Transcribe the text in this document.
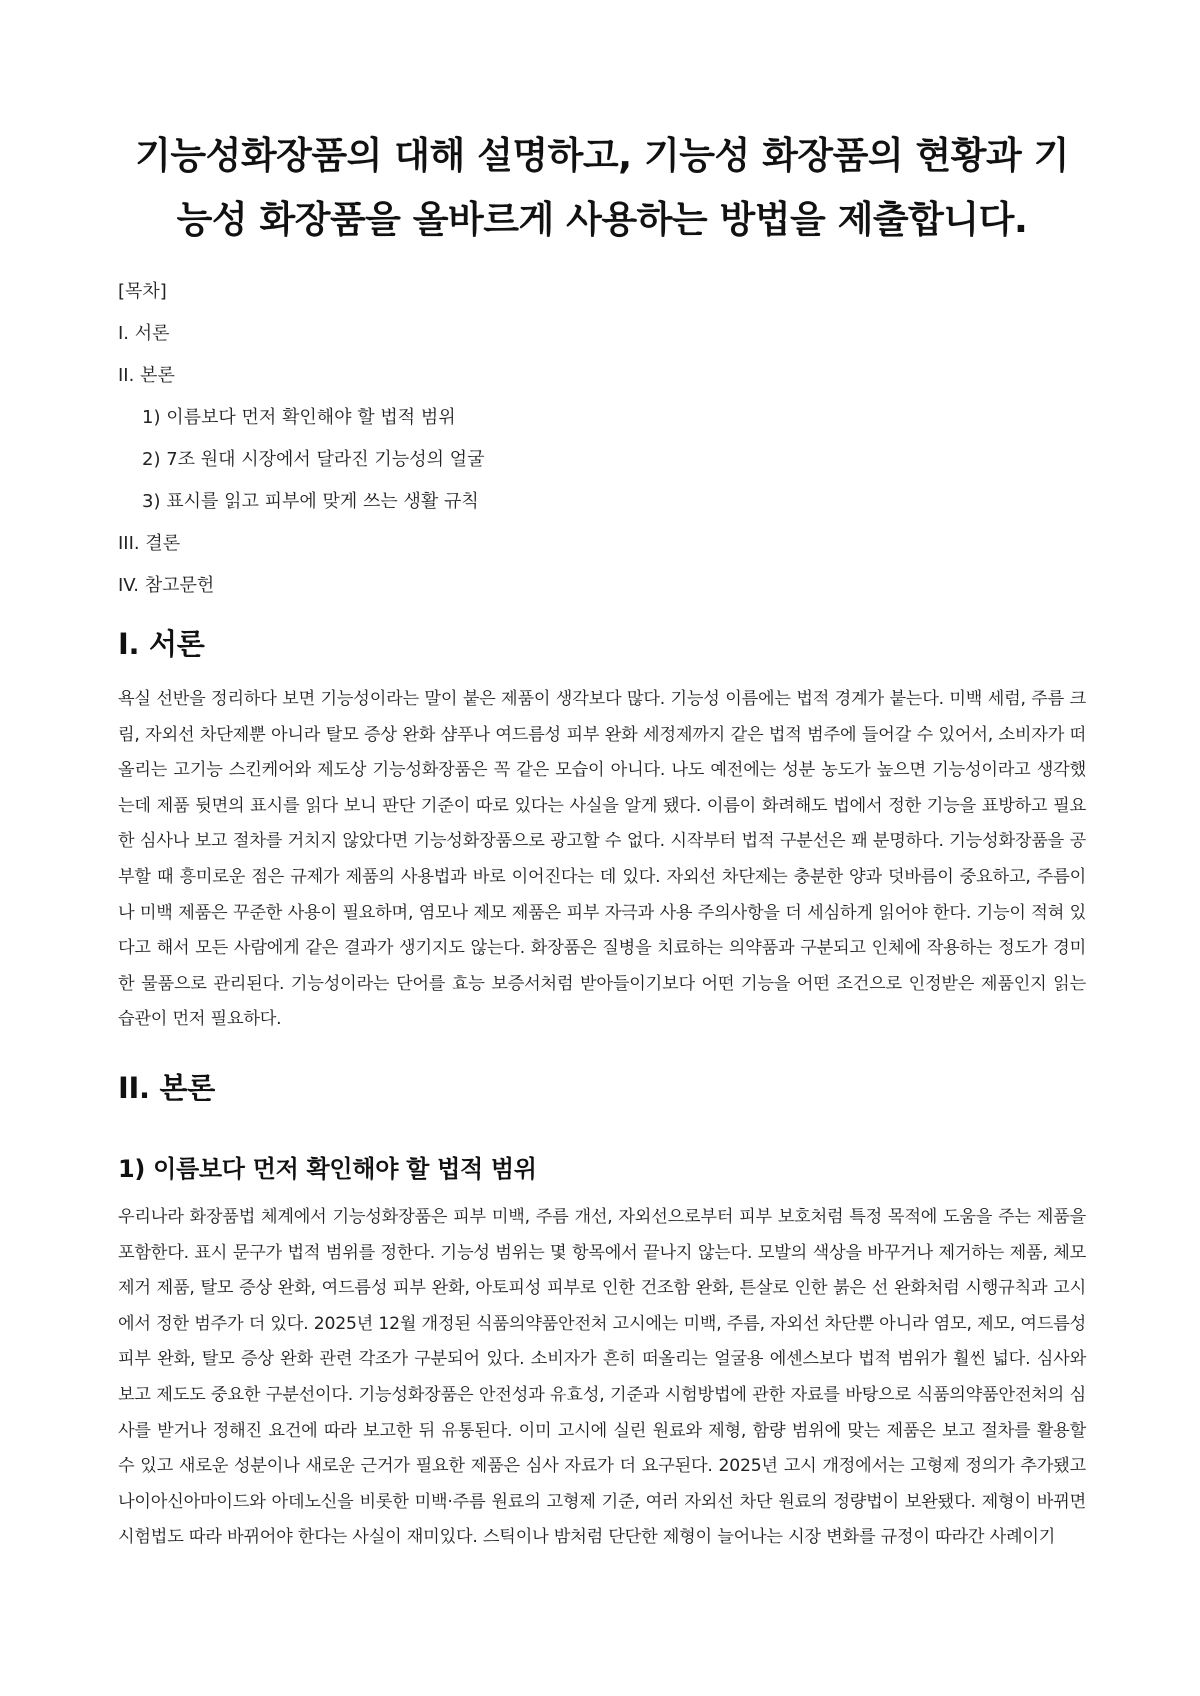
기능성화장품의 대해 설명하고, 기능성 화장품의 현황과 기능성 화장품을 올바르게 사용하는 방법을 제출합니다.
[목차]
I. 서론
II. 본론
1) 이름보다 먼저 확인해야 할 법적 범위
2) 7조 원대 시장에서 달라진 기능성의 얼굴
3) 표시를 읽고 피부에 맞게 쓰는 생활 규칙
III. 결론
IV. 참고문헌
I. 서론

욕실 선반을 정리하다 보면 기능성이라는 말이 붙은 제품이 생각보다 많다. 기능성 이름에는 법적 경계가 붙는다. 미백 세럼, 주름 크림, 자외선 차단제뿐 아니라 탈모 증상 완화 샴푸나 여드름성 피부 완화 세정제까지 같은 법적 범주에 들어갈 수 있어서, 소비자가 떠올리는 고기능 스킨케어와 제도상 기능성화장품은 꼭 같은 모습이 아니다. 나도 예전에는 성분 농도가 높으면 기능성이라고 생각했는데 제품 뒷면의 표시를 읽다 보니 판단 기준이 따로 있다는 사실을 알게 됐다. 이름이 화려해도 법에서 정한 기능을 표방하고 필요한 심사나 보고 절차를 거치지 않았다면 기능성화장품으로 광고할 수 없다. 시작부터 법적 구분선은 꽤 분명하다. 기능성화장품을 공부할 때 흥미로운 점은 규제가 제품의 사용법과 바로 이어진다는 데 있다. 자외선 차단제는 충분한 양과 덧바름이 중요하고, 주름이나 미백 제품은 꾸준한 사용이 필요하며, 염모나 제모 제품은 피부 자극과 사용 주의사항을 더 세심하게 읽어야 한다. 기능이 적혀 있다고 해서 모든 사람에게 같은 결과가 생기지도 않는다. 화장품은 질병을 치료하는 의약품과 구분되고 인체에 작용하는 정도가 경미한 물품으로 관리된다. 기능성이라는 단어를 효능 보증서처럼 받아들이기보다 어떤 기능을 어떤 조건으로 인정받은 제품인지 읽는 습관이 먼저 필요하다.

II. 본론
1) 이름보다 먼저 확인해야 할 법적 범위

우리나라 화장품법 체계에서 기능성화장품은 피부 미백, 주름 개선, 자외선으로부터 피부 보호처럼 특정 목적에 도움을 주는 제품을 포함한다. 표시 문구가 법적 범위를 정한다. 기능성 범위는 몇 항목에서 끝나지 않는다. 모발의 색상을 바꾸거나 제거하는 제품, 체모 제거 제품, 탈모 증상 완화, 여드름성 피부 완화, 아토피성 피부로 인한 건조함 완화, 튼살로 인한 붉은 선 완화처럼 시행규칙과 고시에서 정한 범주가 더 있다. 2025년 12월 개정된 식품의약품안전처 고시에는 미백, 주름, 자외선 차단뿐 아니라 염모, 제모, 여드름성 피부 완화, 탈모 증상 완화 관련 각조가 구분되어 있다. 소비자가 흔히 떠올리는 얼굴용 에센스보다 법적 범위가 훨씬 넓다. 심사와 보고 제도도 중요한 구분선이다. 기능성화장품은 안전성과 유효성, 기준과 시험방법에 관한 자료를 바탕으로 식품의약품안전처의 심사를 받거나 정해진 요건에 따라 보고한 뒤 유통된다. 이미 고시에 실린 원료와 제형, 함량 범위에 맞는 제품은 보고 절차를 활용할 수 있고 새로운 성분이나 새로운 근거가 필요한 제품은 심사 자료가 더 요구된다. 2025년 고시 개정에서는 고형제 정의가 추가됐고 나이아신아마이드와 아데노신을 비롯한 미백·주름 원료의 고형제 기준, 여러 자외선 차단 원료의 정량법이 보완됐다. 제형이 바뀌면 시험법도 따라 바뀌어야 한다는 사실이 재미있다. 스틱이나 밤처럼 단단한 제형이 늘어나는 시장 변화를 규정이 따라간 사례이기
